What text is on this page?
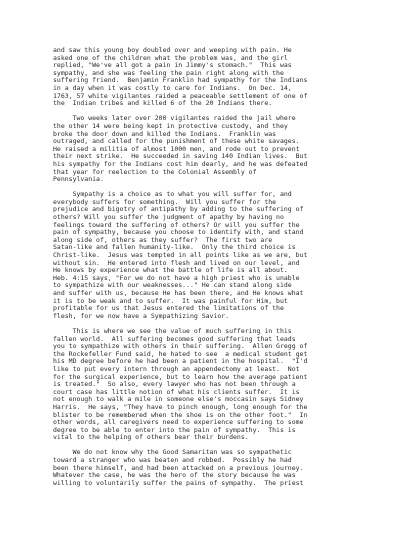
and saw this young boy doubled over and weeping with pain. He
asked one of the children what the problem was, and the girl
replied, "We've all got a pain in Jimmy's stomach."  This was
sympathy, and she was feeling the pain right along with the
suffering friend.  Benjamin Franklin had sympathy for the Indians
in a day when it was costly to care for Indians.  On Dec. 14,
1763, 57 white vigilantes raided a peaceable settlement of one of
the  Indian tribes and killed 6 of the 20 Indians there.
Two weeks later over 200 vigilantes raided the jail where
the other 14 were being kept in protective custody, and they
broke the door down and killed the Indians.  Franklin was
outraged, and called for the punishment of these white savages.
He raised a militia of almost 1000 men, and rode out to prevent
their next strike.  He succeeded in saving 140 Indian lives.  But
his sympathy for the Indians cost him dearly, and he was defeated
that year for reelection to the Colonial Assembly of
Pennsylvania.
Sympathy is a choice as to what you will suffer for, and
everybody suffers for something.  Will you suffer for the
prejudice and bigotry of antipathy by adding to the suffering of
others? Will you suffer the judgment of apathy by having no
feelings toward the suffering of others? Or will you suffer the
pain of sympathy, because you choose to identify with, and stand
along side of, others as they suffer?  The first two are
Satan-like and fallen humanity-like.  Only the third choice is
Christ-like.  Jesus was tempted in all points like as we are, but
without sin.  He entered into flesh and lived on our level, and
He knows by experience what the battle of life is all about.
Heb. 4:15 says, "For we do not have a high priest who is unable
to sympathize with our weaknesses..." He can stand along side
and suffer with us, because He has been there, and He knows what
it is to be weak and to suffer.  It was painful for Him, but
profitable for us that Jesus entered the limitations of the
flesh, for we now have a Sympathizing Savior.
This is where we see the value of much suffering in this
fallen world.  All suffering becomes good suffering that leads
you to sympathize with others in their suffering.  Allen Gregg of
the Rockefeller Fund said, he hated to see  a medical student get
his MD degree before he had been a patient in the hospital.  "I'd
like to put every intern through an appendectomy at least.  Not
for the surgical experience, but to learn how the average patient
is treated."  So also, every lawyer who has not been through a
court case has little notion of what his clients suffer.  It is
not enough to walk a mile in someone else's moccasin says Sidney
Harris.  He says, "They have to pinch enough, long enough for the
blister to be remembered when the shoe is on the other foot."  In
other words, all caregivers need to experience suffering to some
degree to be able to enter into the pain of sympathy.  This is
vital to the helping of others bear their burdens.
We do not know why the Good Samaritan was so sympathetic
toward a stranger who was beaten and robbed.  Possibly he had
been there himself, and had been attacked on a previous journey.
Whatever the case, he was the hero of the story because he was
willing to voluntarily suffer the pains of sympathy.  The priest
